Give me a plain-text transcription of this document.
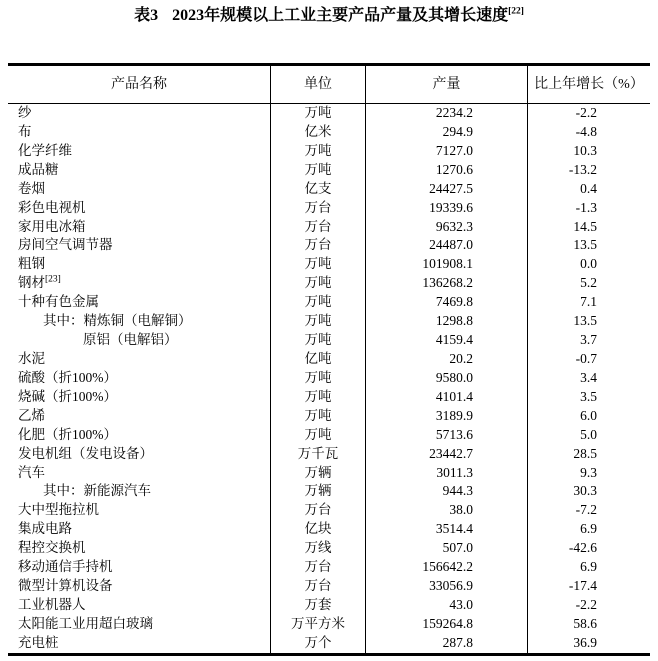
表3 2023年规模以上工业主要产品产量及其增长速度[22]
产品名称	单位	产量	比上年增长（%）
纱	万吨	2234.2	-2.2
布	亿米	294.9	-4.8
化学纤维	万吨	7127.0	10.3
成品糖	万吨	1270.6	-13.2
卷烟	亿支	24427.5	0.4
彩色电视机	万台	19339.6	-1.3
家用电冰箱	万台	9632.3	14.5
房间空气调节器	万台	24487.0	13.5
粗钢	万吨	101908.1	0.0
钢材[23]	万吨	136268.2	5.2
十种有色金属	万吨	7469.8	7.1
其中：精炼铜（电解铜）	万吨	1298.8	13.5
原铝（电解铝）	万吨	4159.4	3.7
水泥	亿吨	20.2	-0.7
硫酸（折100%）	万吨	9580.0	3.4
烧碱（折100%）	万吨	4101.4	3.5
乙烯	万吨	3189.9	6.0
化肥（折100%）	万吨	5713.6	5.0
发电机组（发电设备）	万千瓦	23442.7	28.5
汽车	万辆	3011.3	9.3
其中：新能源汽车	万辆	944.3	30.3
大中型拖拉机	万台	38.0	-7.2
集成电路	亿块	3514.4	6.9
程控交换机	万线	507.0	-42.6
移动通信手持机	万台	156642.2	6.9
微型计算机设备	万台	33056.9	-17.4
工业机器人	万套	43.0	-2.2
太阳能工业用超白玻璃	万平方米	159264.8	58.6
充电桩	万个	287.8	36.9
